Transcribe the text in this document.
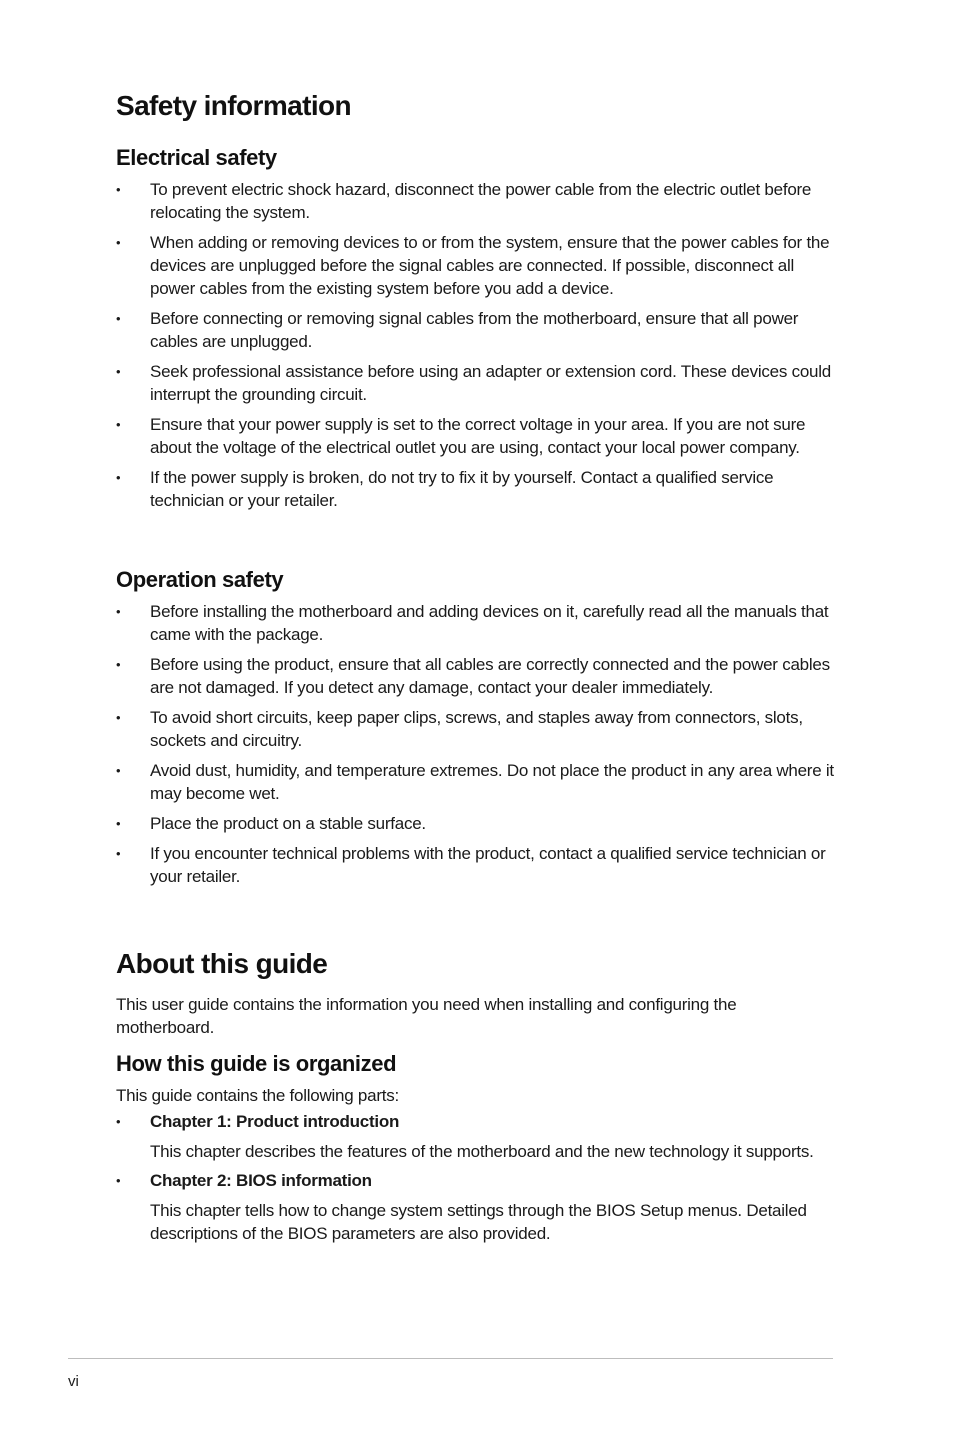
Safety information
Electrical safety
•	To prevent electric shock hazard, disconnect the power cable from the electric outlet before relocating the system.
•	When adding or removing devices to or from the system, ensure that the power cables for the devices are unplugged before the signal cables are connected. If possible, disconnect all power cables from the existing system before you add a device.
•	Before connecting or removing signal cables from the motherboard, ensure that all power cables are unplugged.
•	Seek professional assistance before using an adapter or extension cord. These devices could interrupt the grounding circuit.
•	Ensure that your power supply is set to the correct voltage in your area. If you are not sure about the voltage of the electrical outlet you are using, contact your local power company.
•	If the power supply is broken, do not try to fix it by yourself. Contact a qualified service technician or your retailer.
Operation safety
•	Before installing the motherboard and adding devices on it, carefully read all the manuals that came with the package.
•	Before using the product, ensure that all cables are correctly connected and the power cables are not damaged. If you detect any damage, contact your dealer immediately.
•	To avoid short circuits, keep paper clips, screws, and staples away from connectors, slots, sockets and circuitry.
•	Avoid dust, humidity, and temperature extremes. Do not place the product in any area where it may become wet.
•	Place the product on a stable surface.
•	If you encounter technical problems with the product, contact a qualified service technician or your retailer.
About this guide

This user guide contains the information you need when installing and configuring the motherboard.

How this guide is organized

This guide contains the following parts:

•	Chapter 1: Product introduction
This chapter describes the features of the motherboard and the new technology it supports.
•	Chapter 2: BIOS information
This chapter tells how to change system settings through the BIOS Setup menus. Detailed descriptions of the BIOS parameters are also provided.
vi
